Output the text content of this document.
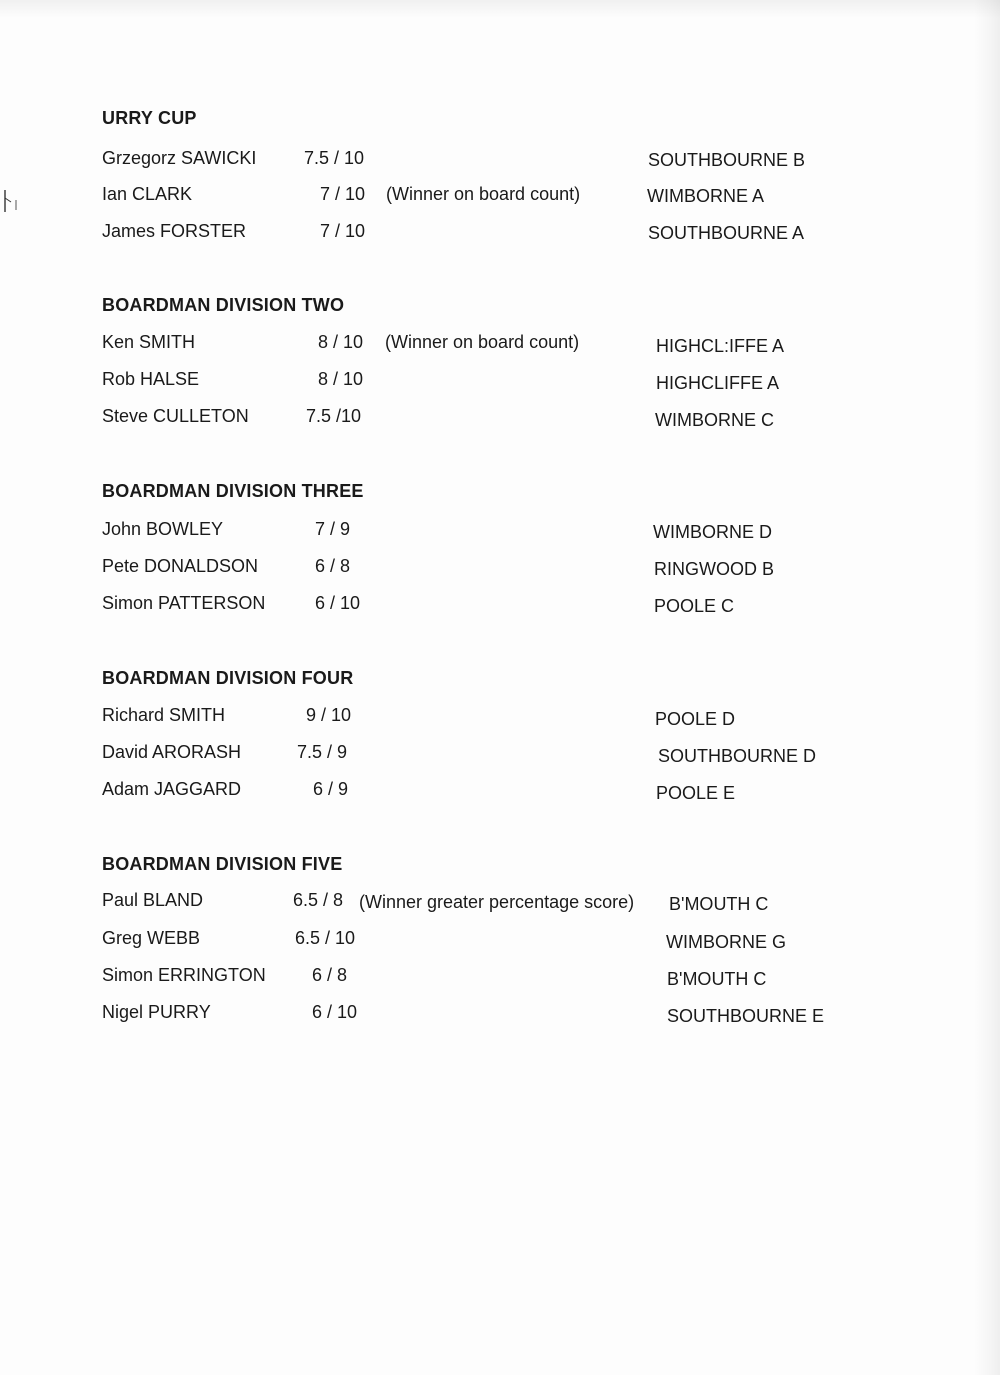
URRY CUP
Grzegorz SAWICKI	7.5 / 10	SOUTHBOURNE B
Ian CLARK	7 / 10 (Winner on board count)	WIMBORNE A
James FORSTER	7 / 10	SOUTHBOURNE A
BOARDMAN DIVISION TWO
Ken SMITH	8 / 10 (Winner on board count)	HIGHCL:IFFE A
Rob HALSE	8 / 10	HIGHCLIFFE A
Steve CULLETON	7.5 /10	WIMBORNE C
BOARDMAN DIVISION THREE
John BOWLEY	7 / 9	WIMBORNE D
Pete DONALDSON	6 / 8	RINGWOOD B
Simon PATTERSON	6 / 10	POOLE C
BOARDMAN DIVISION FOUR
Richard SMITH	9 / 10	POOLE D
David ARORASH	7.5 / 9	SOUTHBOURNE D
Adam JAGGARD	6 / 9	POOLE E
BOARDMAN DIVISION FIVE
Paul BLAND	6.5 / 8 (Winner greater percentage score) B'MOUTH C
Greg WEBB	6.5 / 10	WIMBORNE G
Simon ERRINGTON	6 / 8	B'MOUTH C
Nigel PURRY	6 / 10	SOUTHBOURNE E
